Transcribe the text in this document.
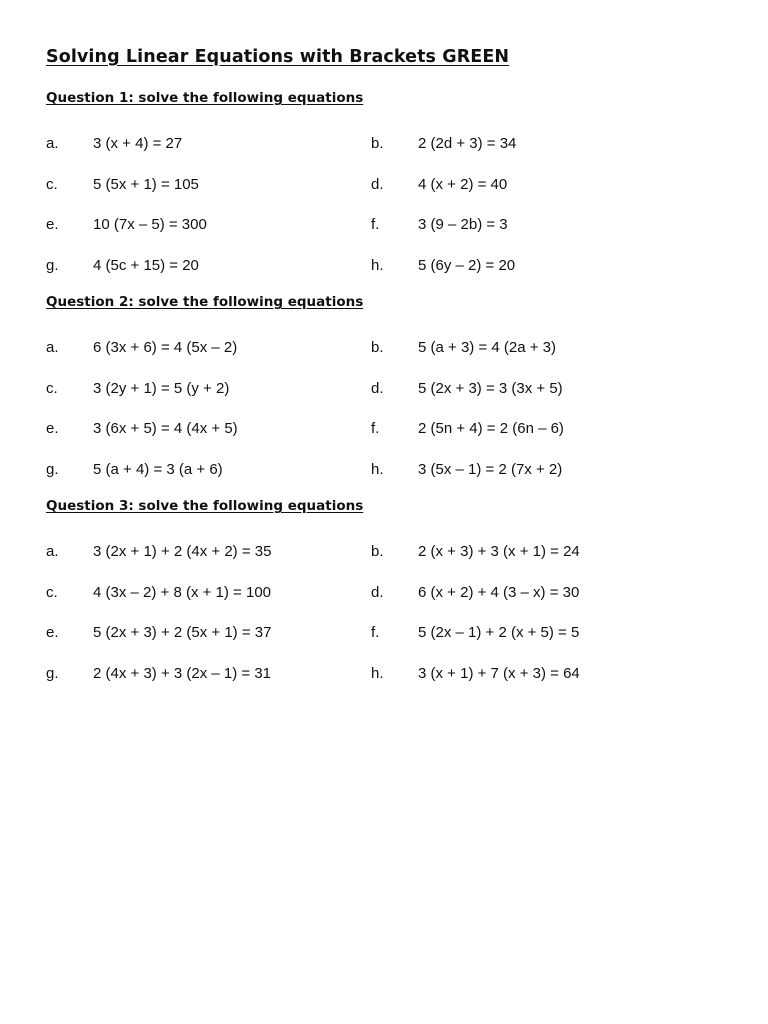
Solving Linear Equations with Brackets GREEN
Question 1: solve the following equations
a.	3 (x + 4) = 27	b.	2 (2d + 3) = 34
c.	5 (5x + 1) = 105	d.	4 (x + 2) = 40
e.	10 (7x – 5) = 300	f.	3 (9 – 2b) = 3
g.	4 (5c + 15) = 20	h.	5 (6y – 2) = 20
Question 2: solve the following equations
a.	6 (3x + 6) = 4 (5x – 2)	b.	5 (a + 3) = 4 (2a + 3)
c.	3 (2y + 1) = 5 (y + 2)	d.	5 (2x + 3) = 3 (3x + 5)
e.	3 (6x + 5) = 4 (4x + 5)	f.	2 (5n + 4) = 2 (6n – 6)
g.	5 (a + 4) = 3 (a + 6)	h.	3 (5x – 1) = 2 (7x + 2)
Question 3: solve the following equations
a.	3 (2x + 1) + 2 (4x + 2) = 35	b.	2 (x + 3) + 3 (x + 1) = 24
c.	4 (3x – 2) + 8 (x + 1) = 100	d.	6 (x + 2) + 4 (3 – x) = 30
e.	5 (2x + 3) + 2 (5x + 1) = 37	f.	5 (2x – 1) + 2 (x + 5) = 5
g.	2 (4x + 3) + 3 (2x – 1) = 31	h.	3 (x + 1) + 7 (x + 3) = 64
